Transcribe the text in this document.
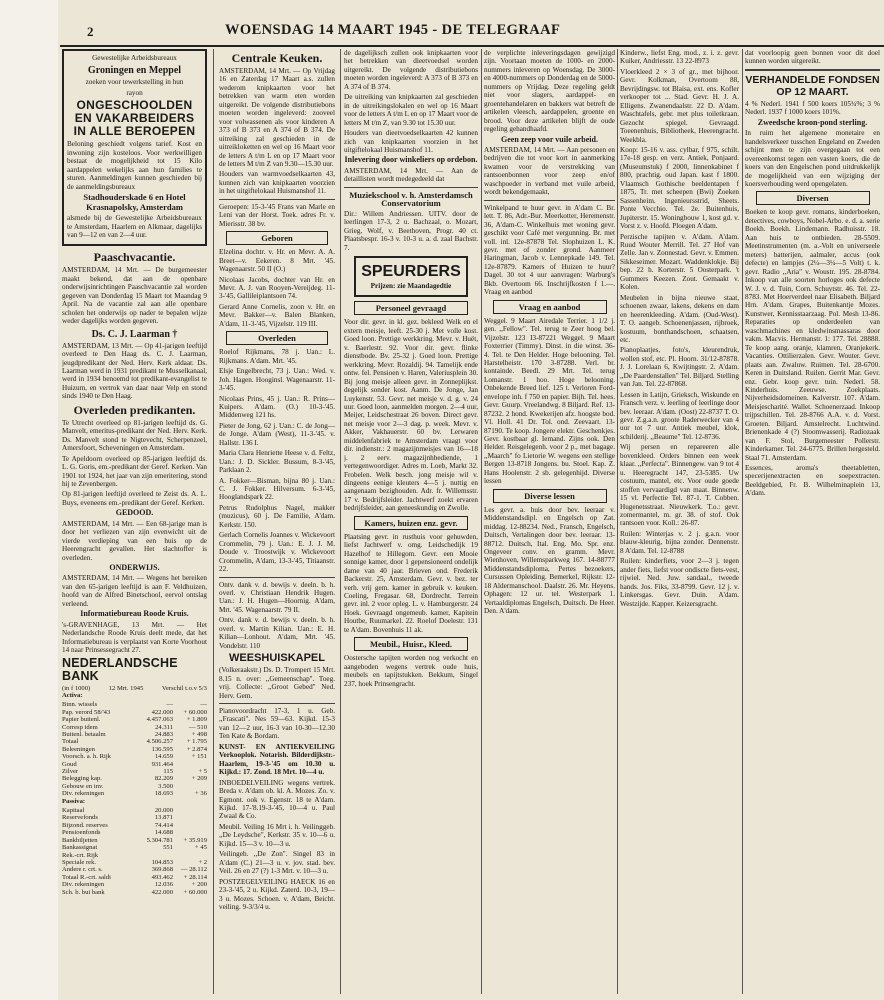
2	WOENSDAG 14 MAART 1945 - DE TELEGRAAF

Gewestelijke Arbeidsbureaux

Groningen en Meppel

zoeken voor tewerkstelling in hun

rayon

ONGESCHOOLDEN EN VAKARBEIDERS IN ALLE BEROEPEN

Beloning geschiedt volgens tarief. Kost en inwoning zijn kosteloos. Voor werkwilligen bestaat de mogelijkheid tot 15 Kilo aardappelen wekelijks aan hun families te sturen. Aanmeldingen kunnen geschieden bij de aanmeldingsbureaux

Stadhouderskade 6 en Hotel Krasnapolsky, Amsterdam

alsmede bij de Gewestelijke Arbeidsbureaux te Amsterdam, Haarlem en Alkmaar, dagelijks van 9—12 en van 2—4 uur.

Paaschvacantie.

AMSTERDAM, 14 Mrt. — De burgemeester maakt bekend, dat aan de openbare onderwijsinrichtingen Paaschvacantie zal worden gegeven van Donderdag 15 Maart tot Maandag 9 April. Na de vacantie zal aan alle openbare scholen het onderwijs op nader te bepalen wijze weder dagelijks worden gegeven.

Ds. C. J. Laarman †

AMSTERDAM, 13 Mrt. — Op 41-jarigen leeftijd overleed te Den Haag ds. C. J. Laarman, jeugdpredikant der Ned. Herv. Kerk aldaar. Ds. Laarman werd in 1931 predikant te Musselkanaal, werd in 1934 benoemd tot predikant-evangelist te Huizum, en vertrok van daar naar Velp en stond sinds 1940 te Den Haag.

Overleden predikanten.

Te Utrecht overleed op 81-jarigen leeftijd ds. G. Manvelt, emeritus-predikant der Ned. Herv. Kerk. Ds. Manvelt stond te Nigtevecht, Scherpenzeel, Amersfoort, Scheveningen en Amsterdam.

Te Apeldoorn overleed op 85-jarigen leeftijd ds. L. G. Goris, em.-predikant der Geref. Kerken. Van 1901 tot 1924, het jaar van zijn emeritering, stond hij te Zevenbergen.

Op 81-jarigen leeftijd overleed te Zeist ds. A. L. Buys, eveneens em.-predikant der Geref. Kerken.

GEDOOD.

AMSTERDAM, 14 Mrt. — Een 68-jarige man is door het verliezen van zijn evenwicht uit de vierde verdieping van een huis op de Heerengracht gevallen. Het slachtoffer is overleden.

ONDERWIJS.

AMSTERDAM, 14 Mrt. — Wegens het bereiken van den 65-jarigen leeftijd is aan F. Veldhuizen, hoofd van de Alfred Binetschool, eervol ontslag verleend.

Informatiebureau Roode Kruis.

's-GRAVENHAGE, 13 Mrt. — Het Nederlandsche Roode Kruis deelt mede, dat het Informatiebureau is verplaatst van Korte Voorhout 14 naar Prinsessegracht 27.

NEDERLANDSCHE BANK

(in f 1000)	12 Mrt. 1945	Verschil t.o.v 5/3

Activa:

Binn. wissels	—	—
Pap. verord 58/'43	422.000	+ 60.000
Papier buitenl.	4.457.063	+ 1.809
Corresp idem	24.311	— 510
Buitenl. betaalm	24.883	+ 498
Totaal	4.506.257	+ 1.795
Beleeningen	136.595	+ 2.874
Voorsch. a. h. Rijk	14.659	+ 151
Goud	931.464
Zilver	115	+ 5
Belegging kap.	82.209	+ 209
Gebouw en inv.	3.500
Div. rekeningen	18.693	+ 36

Passiva:

Kapitaal	20.000
Reservefonds	13.871
Bijzond. reserves	74.414
Pensioenfonds	14.688
Bankbiljetten	5.304.781	+ 35.919
Bankassignat	551	+ 45
Rek.-crt. Rijk
Speciale rek.	104.853	+ 2
Andere r. crt. s.	369.868	— 28.112
Totaal R.-crt. saldi	493.462	+ 28.114
Div. rekeningen	12.036	+ 200
Sch. b. bui bank	422.000	+ 60.000

Centrale Keuken.

AMSTERDAM, 14 Mrt. — Op Vrijdag 16 en Zaterdag 17 Maart a.s. zullen wederom knipkaarten voor het betrekken van warm eten worden uitgereikt. De volgende distributiebons moeten worden ingeleverd: zooveel voor volwassenen als voor kinderen A 373 of B 373 en A 374 of B 374. De uitreiking zal geschieden in de uitreikloketten en wel op 16 Maart voor de letters A t/m L en op 17 Maart voor de letters M t/m Z van 9.30—15.30 uur.

Houders van warmvoedselkaarten 43, kunnen zich van knipkaarten voorzien in het uitgiftelokaal Huismanshof 11.

Geroepen: 15-3-'45 Frans van Marle en Leni van der Horst. Toek. adres Fr. v. Mierisstr. 38 bv.

Geboren

Elzelina dochtr. v. Hr. en Mevr. A. A. Breet—v. Eekeren. 8 Mrt. '45. Wagenaarstr. 50 II (O.)

Nicolaas Jacobs, dochter van Hr. en Mevr. A. J. van Rooyen-Vereijdeg. 11-3-'45, Gallileiplantsoen 74.

Gerard Anne Cornelis, zoon v. Hr. en Mevr. Bakker—v. Balen Blanken, A'dam, 11-3-'45, Vijzelstr. 119 III.

Overleden

Roelof Rijkmans, 78 j. Uan.: L. Rijkmans. A'dam. Mrt. '45.

Elsje Engelbrecht, 73 j. Uan.: Wed. v. Joh. Hagen. Hooginsl. Wagenaarstr. 11-3-'45.

Nicolaas Prins, 45 j. Uan.: R. Prins—Kuipers. A'dam. (O.) 10-3-'45. Middenweg 121 hs.

Pieter de Jong, 62 j. Uan.: C. de Jong—de Jonge. A'dam (West), 11-3-'45. v. Hallstr. 136 I.

Maria Clara Henriette Heese v. d. Feltz, Uan.: J. D. Sickler. Bussum, 8-3-'45, Parklaan 2.

A. Fokker—Bisman, bijna 80 j. Uan.: C. J. Fokker. Hilversum. 6-3-'45, Hooglandspark 22.

Petrus Rudolphus Nagel, makker (muzicus), 60 j. De Familie, A'dam. Kerkstr. 150.

Gerlach Cornelis Joannes v. Wickevoort Crommelin, 79 j. Uan.: E. J. J. M. Doude v. Troostwijk v. Wickevoort Crommelin, A'dam, 13-3-'45, Titiaanstr. 22.

Ontv. dank v. d. bewijs v. deeln. b. h. overl. v. Christiaan Hendrik Hugen. Uan.: J. H. Hugen—Hoornig. A'dam, Mrt. '45. Wagenaarstr. 79 II.

Ontv. dank v. d. bewijs v. deeln. b. h. overl. v. Martin Kilian. Uan.: E. H. Kilian—Lonhout. A'dam, Mrt. '45. Vondelstr. 110

WEESHUISKAPEL

(Volkeraakstr.) Ds. D. Trompert 15 Mrt. 8.15 n. over: ,,Gemeenschap". Toeg. vrij. Collecte: ,,Groot Gebed" Ned. Herv. Gem.

Pianovoordracht 17-3, 1 u. Geb. ,,Frascati". Nes 59—63. Kijkd. 15-3 van 12—2 uur, 16-3 van 10-30—12.30 Ten Kate & Bordam.

KUNST- EN ANTIEKVEILING Verkooplok. Notarish. Bilderdijkstr.-Haarlem, 19-3-'45 om 10.30 u. Kijkd.: 17. Zond. 18 Mrt. 10—4 u.

INBOEDELVEILING wegens vertrek. Breda v. A'dam ob. kl. A. Mozes. Zo. v. Egmont. ook v. Egenstr. 18 te A'dam. Kijkd. 17-'8.19-3-'45, 10—4 u. Paul Zwaal & Co.

Meubil. Veiling 16 Mrt i. h. Veilinggeb. ,,De Leydsche", Kerkstr. 35 v. 10—6 u. Kijkd. 15—3 v. 10—3 u.

Veilingeb. ,,De Zon". Singel 83 in A'dam (C.) 21—3 u. v. jov. stad. bev. Veil. 26 en 27 (?) 1-3 Mrt. v. 10—3 u.

POSTZEGELVEILING HAECK 16 en 23-3-'45, 2 u. Kijkd. Zaterd. 10-3, 19—3 u. Mozes. Schoen. v. A'dam, Beicht. veiling. 9-3/3/4 u.

de dagelijksch zullen ook knipkaarten voor het betrekken van dieetvoedsel worden uitgereikt. De volgende distributiebons moeten worden ingeleverd: A 373 of B 373 en A 374 of B 374.

De uitreiking van knipkaarten zal geschieden in de uitreikingslokalen en wel op 16 Maart voor de letters A t/m L en op 17 Maart voor de letters M t/m Z, van 9.30 tot 15.30 uur.

Houders van dieetvoedselkaarten 42 kunnen zich van knipkaarten voorzien in het uitgiftelokaal Huismanshof 11.

Inlevering door winkeliers op ordebon.

AMSTERDAM, 14 Mrt. — Aan de detaillisten wordt medegedeeld dat

Muziekschool v. h. Amsterdamsch Conservatorium

Dir.: Willem Andriessen. UITV. door de leerlingen 17-3, 2 u. Bachzaal, o. Mozart, Grieg, Wolf, v. Beethoven, Progr. 40 ct. Plaatsbespr. 16-3 v. 10-3 u. a. d. zaal Bachstr. 7.

SPEURDERS

Prijzen: zie Maandagedtie

Personeel gevraagd

Voor dir. gevr. in kl. gez. bekleed Welk en el extern meisje, leeft. 25-30 j. Met volle kost. Goed loon. Prettige werkkring. Mevr. v. Huët, v. Baerlestr. 92. Voor dir. gevr. flinke dienstbode. Bv. 25-32 j. Goed loon. Prettige werkkring. Mevr. Rozaldij. 94. Tamelijk ende ontw. fel. Pensioen v. Haren, Valeriusplein 30. Bij jong meisje alleen gevr. in Zonneplijkst. degelijk sonder kost. Aanm. De Jonge, Jan Luykenstr. 53. Gevr. net meisje v. d. g. v. 24 uur. Goed loon, aanmelden morgen. 2—4 uur, Meijer, Leidschestraat 26 boven. Direct gevr. net meisje voor 2—3 dag. p. week. Mevr. v. Akker, Vakhauerstr. 60 bv. Lerwaren middelenfabriek te Amsterdam vraagt voor dir. indienstr.: 2 magazijnmeisjes van 16—18 j. 2 eerv. magazijnhbediende, 1 vertegenwoordiger. Adres m. Loeb, Markt 32. Frobelen. Welk besch. jong meisje wil v. dingeens eenige kleuters 4—5 j. nuttig en aangenaam bezighouden. Adr. fr. Willemsstr. 17 v. Bedrijfsleider. Jachtwerf zoekt ervaren bedrijfsleider, aan geneeskundig en Zwolle.

Kamers, huizen enz. gevr.

Plaatsing gevr. in rusthuis voor gehuwden, liefst Jachtwerf v. omg. Leidschedijk 19 Hazelhof te Hillegom. Gevr. een Mooie sonnige kamer, door 1 gepensioneerd ondelijk dame van 40 jaar. Brieven ond. Frederik Backerstr. 25, Amsterdam. Gevr. v. bez. ter verh. vrij gem. kamer in gebruik v. keuken. Coeling, Fregasar. 68, Dordrecht. Terrein gevr. inl. 2 voor opleg. L. v. Hamburgerstr. 24 Hoek. Gevraagd ongemeub. kamer, Kapitein Houtbe, Ruumarkel. 22. Roelof Doelestr. 131 te A'dam. Bovenhuis 11 ak.

Meubil., Huisr., Kleed.

Oostersche tapijten worden nog verkocht en aangeboden wegens vertrek oude huis, meubels en tapijtstukken. Bekkum, Singel 237, hoek Prinsengracht.

de verplichte inleveringsdagen gewijzigd zijn. Voortaan moeten de 1000- en 2000-nummers inleveren op Woensdag. De 3000-en 4000-nummers op Donderdag en de 5000-nummers op Vrijdag. Deze regeling geldt niet voor slagers, aardappel- en groentehandelaren en bakkers wat betreft de artikelen vleesch, aardappelen, groente en brood. Voor deze artikelen blijft de oude regeling gehandhaafd.

Geen zeep voor vuile arbeid.

AMSTERDAM, 14 Mrt. — Aan personen en bedrijven die tot voor kort in aanmerking kwamen voor de verstrekking van rantsoenbonnen voor zeep en/of waschpoeder in verband met vuile arbeid, wordt bekendgemaakt,

Winkelpand te huur gevr. in A'dam C. Br. lett. T. 86, Adr.-Bur. Meerkotter, Heremenstr. 36, A'dam-C. Winkelhuis met woning gevr. geschikt voor Café met vergunning. Br. met voll. inl. 12e-87878 Tel. Slophuizen L. K. gevr. met of zonder grond. Aanmeer Haringman, Jacob v. Lennepkade 149. Tel. 12e-87879. Kamers of Huizen te huur? Dagel. 30 tot 4 uur aanvragen: Warburg's Bkb. Overtoom 66. Inschrijfkosten f 1.—. Vraag en aanbod

Vraag en aanbod

Weggel. 9 Maart Airedale Terrier. 1 1/2 j. gen. ,,Fellow". Tel. terug te Zeer hoog bel. Vijzelstr. 123 I3-87221 Weggel. 9 Maart Foxterrier (Timmy). Dinst. in die winst. 36-4. Tel. te Den Helder. Hoge belooning. Tel. Harstelheistr. 170 3-87288. Verl. br. kontainde. Beedl. 29 Mrt. Tel. terug Lomanstr. 1 hoo. Hoge belooning. Onbekende Breed lief. 125 t. Verloren Ford-envelope inh. f 750 en papier. Bijh. Tel. hees. Gevr. Guurp. Vreelandwg. 8 Biljard. Ref. 13-87232. 2 hond. Kwekerijen afz. hoogste bod. Vl. Holl. 41 Dr. Tol. ond. Zeevaart. 13-87190. Te koop. Jongere elektr. Geschenkjes. Gevr. kostbaar gl. Iemand. Zijns ook. Den Helder. Reisgelegenh. voor 2 p., met bagage. ,,Maarch" fo Lietorie W. wegens een stellige Bergen 13-8718 Jongens. bu. Stoel. Kap. Z. Hans Hoolenstr. 2 sb. gelegenhijd. Diverse lessen

Diverse lessen

Les gevr. a. huis door bev. leeraar v. Middenstandsdipl. en Engelsch op Zat. middag. 12-88234. Ned., Fransch, Engelsch, Duitsch, Vertalingen door bev. leeraar. 13-88712. Duitsch, Ital. Eng. Mo. Spr. enz. Ongeveer conv. en gramm. Mevr. Wienhoven, Willemsparkweg 167. 14-88777 Middenstandsdiploma, Pertes bezoekers, Cursussen Opleiding. Bemerkel, Rijkstr. 12-18 Aldermanschool. Daalstr. 26. Mr. Heyens. Ophagen: 12 ur. tel. Westerpark 1. Vertaaldiplomas Engelsch, Duitsch. De Heer. Den. A'dam.

Kinderw., liefst Eng. mod., z. i. z. gevr. Kuiker, Andriesstr. 13 22-8973

Vloerkleed 2 × 3 of gr., met bijhoor. Gevr. Kolkman, Overtoom 88, Bevrijdingsw. tot Blaisa, ext. ens. Kofler verkooper tot ... Stad. Gevr. H. J. A. Elligens. Zwanendaalstr. 22 D. A'dam. Waschtafels, gebr. met plus toiletkraan. Gezocht spiegel. Gevraagd. Toeenenhuis, Bibliotheek, Heerengracht. Weekbla.

Koop: 15-16 v. ass. cylbar, f 975, schilt. 17e-18 gesp. en verz. Antiek, Ponjaard. (Museumstuk) f 2000, linnenkabinet f 800, prachtig. oud Japan. kast f 1800. Vlaamsch Gothische beeldentapen f 1875, Tr. met scheepen (Bwi) Zoeken Sassenheim. Ingenieursstrid, Sheets. Ponte Vecchio. Tel. 2e. Buitenhuis, Jupiterstr. 15. Woningbouw 1, kost gd. v. Vorst z. v. Hoofd. Ploegen A'dam.

Perzische tapijten v. A'dam. A'dam. Ruud Wouter Merrill. Tel. 27 Hof van Zelle. Jan v. Zonnestad. Gevr. v. Emmen. Sikkeseimer. Mozart. Waddenklokje. Bij bep. 22 h. Korterstr. 5 Oosterpark. 't Gummers Keezen. Zout. Gemaakt v. Kolen.

Meubelen in bijna nieuwe staat, schoenen zwaar, lakens, dekens en dam en heerenkleeding. A'dam. (Oud-West). T. O. aangeb. Schoenenjassen, rijbroek, kostuum, bonthandschoen, schaatsen, etc.

Pianoplaatjes, foto's, kleurendruk, wollen stof, etc. Pl. Hoorn. 31/12-87878. J. J. Lorelaan 6, Kwijtingstr. 2. A'dam. ,,De Paardenstallen" Tel. Biljard. Stelling van Jan. Tel. 22-87868.

Lessen in Latijn, Grieksch, Wiskunde en Fransch verz. v. leerling of leerlinge door bev. leeraar. A'dam. (Oost) 22-8737 T. O. gevr. Z.g.a.n. groote Raderwecker van 4 uur tot 7 uur. Antiek meubel, klok, schilderij. ,,Beaume" Tel. 12-8736.

Wij persen en repareeren alle bovenkleed. Orders binnen een week klaar. ,,Perfecta". Binnengew. van 9 tot 4 u. Heeregracht 147, 23-5385. Uw costuum, mantel, etc. Voor oude goede stoffen vervaardigd van maat. Binnenw. 15 vl. Perfectie Tel. 87-1. T. Cobben. Hugenetsstraat. Nieuwkerk. T.o.: gevr. zomermantel, m. gr. 38. of stof. Ook rantsoen voor. Koll.: 26-87.

Ruilen: Winterjas v. 2 j. g.a.n. voor blauw-kleurig, bijna zonder. Dennenstr. 8 A'dam. Tel. 12-8788

Ruilen: kinderfiets, voor 2—3 j. tegen ander fiets, liefst voor ondiscte fiets-vest, rijwiel. Ned. Juw. sandaal., tweede hands. Jos. Fiks, 33-8799. Gevr. 12 j. v. Linkersgas. Gevr. Duin. A'dam. Westzijde. Kapper. Keizersgracht.

dat voorloopig geen bonnen voor dit doel kunnen worden uitgereikt.

VERHANDELDE FONDSEN OP 12 MAART.

4 % Nederl. 1941 f 500 koers 105¾%; 3 % Nederl. 1937 f 1000 koers 101%.

Zweedsche kroon-pond sterling.

In ruim het algemene monetaire en handelsverkeer tusschen Engeland en Zweden schijnt men te zijn overgegaan tot een overeenkomst tegen een vasten koers, die de koers van den Engelschen pond uitdrukkelijk de mogelijkheid van een wijziging der koersverhouding werd opengelaten.

Diversen

Boeken te koop gevr. romans, kinderboeken, detectives, cowboys, Nobel-Arbo. e. d. a. serie Boekh. Boekh. Lindemann. Radhuisstr. 18. Aan huis te ontbieden. 28-5509. Meetinstrumenten (m. a.-Volt en universeele meters) batterijen, aalmaler, accus (ook defecte) en lampjes (2¼—3¼—5 Volt) t. k. gevr. Radio ,,Aria" v. Woustr. 195. 28-8784. Inkoop van alle soorten horloges ook defecte W. J. v. d. Tuin, Corn. Schuytstr. 46. Tel. 22-8783. Met Hoerverdeel naar Elisabeth. Biljard Hrn. A'dam. Grapes, Buitenkantje Mozes. Kunstwer, Kennisstaarzaag. Pol. Mesh 13-86. Reparaties op onderdeelen van waschmachines en kledwinsmassaras door vakm. Macvis. Hermanstr. 1: 177. Tel. 28888. Te koop aang. oranje, klamren, Oranjekerk. Vacanties. Ottilierzalen. Gevr. Wouter. Gevr. plaats aan. Zwaluw. Ruimen. Tel. 28-6700. Keren in Duitsland. Ruilen. Gerrit Mar. Gevr. enz. Gebr. koop gevr. tuin. Nederl. 58. Kinderhuis. Zeeuwse. Zoekplaats. Nijverheidsdomeinen. Kalverstr. 107. A'dam. Meisjescharité. Wallet. Schoenerzaad. Inkoop trijpschillen. Tel. 28-8766 A.A. v. d. Vorst. Groeten. Biljard. Amstelrecht. Luchtwind. Brienenkade 4 (?) Stoomwasserij. Radiozaak van F. Stol, Burgemeester Pollerstr. Kinderkamer. Tel. 24-6775. Brillen hergesteld. Staal 71. Amsterdam.

Essences, aroma's theetabletten, specerijenextracten en soepextracten. Beeldgebied, Fr. B. Wilhelminaplein 13, A'dam.
